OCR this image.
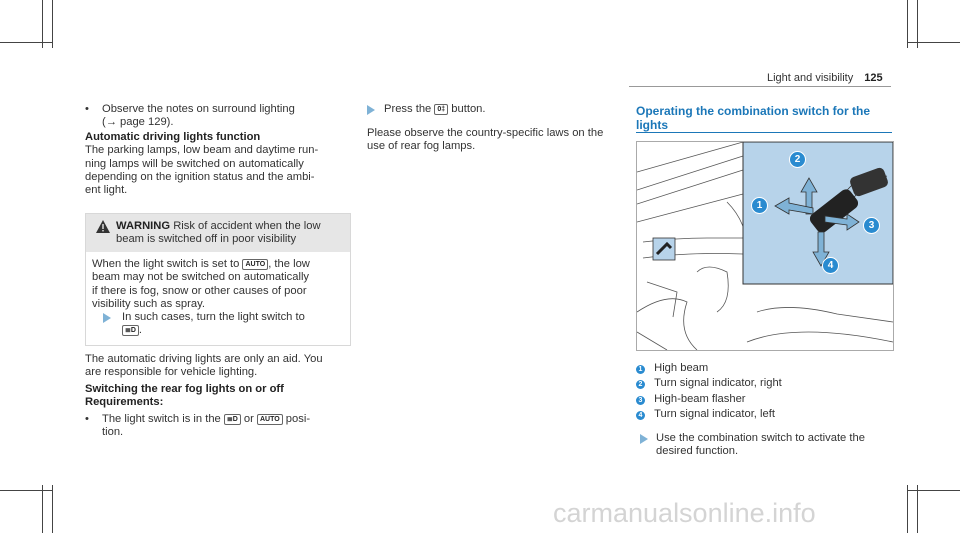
Light and visibility 125
• Observe the notes on surround lighting
(→ page 129).
Automatic driving lights function
The parking lamps, low beam and daytime run-
ning lamps will be switched on automatically
depending on the ignition status and the ambi-
ent light.
WARNING Risk of accident when the low
beam is switched off in poor visibility
When the light switch is set to AUTO , the low
beam may not be switched on automatically
if there is fog, snow or other causes of poor
visibility such as spray.
In such cases, turn the light switch to
≣D .
The automatic driving lights are only an aid. You
are responsible for vehicle lighting.
Switching the rear fog lights on or off
Requirements:
• The light switch is in the ≣D or AUTO posi-
tion.
Press the 0‡ button.
Please observe the country-specific laws on the
use of rear fog lamps.
Operating the combination switch for the
lights
2
1
3
4
1 High beam
2 Turn signal indicator, right
3 High-beam flasher
4 Turn signal indicator, left
Use the combination switch to activate the
desired function.
carmanualsonline.info
